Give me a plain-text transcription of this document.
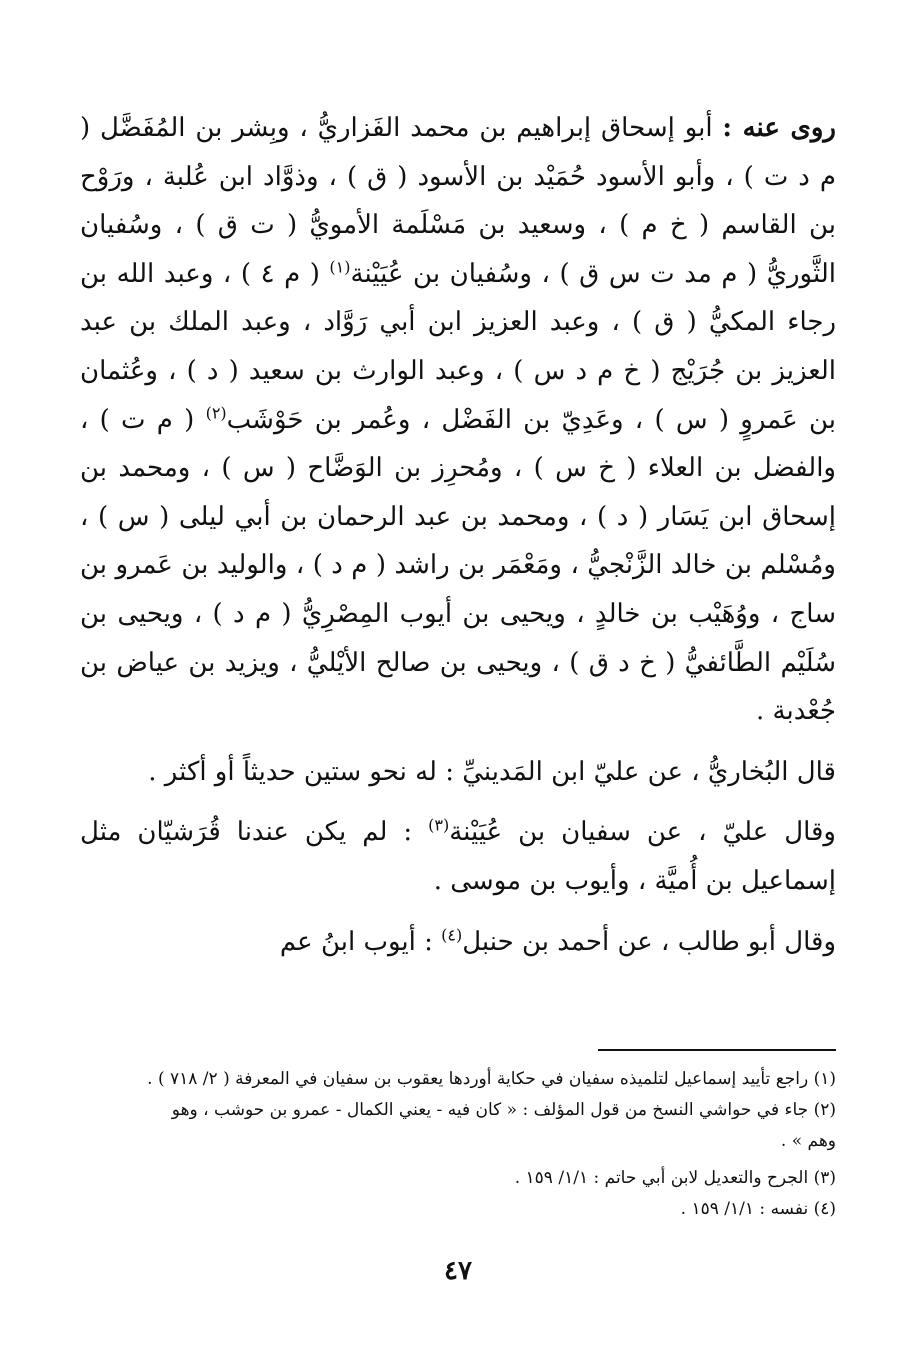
روى عنه : أبو إسحاق إبراهيم بن محمد الفَزاريُّ ، وبِشر بن المُفَضَّل ( م د ت ) ، وأبو الأسود حُمَيْد بن الأسود ( ق ) ، وذوَّاد ابن عُلبة ، ورَوْح بن القاسم ( خ م ) ، وسعيد بن مَسْلَمة الأمويُّ ( ت ق ) ، وسُفيان الثَّوريُّ ( م مد ت س ق ) ، وسُفيان بن عُيَيْنة$^{(١)}$ ( م ٤ ) ، وعبد الله بن رجاء المكيُّ ( ق ) ، وعبد العزيز ابن أبي رَوَّاد ، وعبد الملك بن عبد العزيز بن جُرَيْج ( خ م د س ) ، وعبد الوارث بن سعيد ( د ) ، وعُثمان بن عَمروٍ ( س ) ، وعَدِيّ بن الفَضْل ، وعُمر بن حَوْشَب$^{(٢)}$ ( م ت ) ، والفضل بن العلاء ( خ س ) ، ومُحرِز بن الوَضَّاح ( س ) ، ومحمد بن إسحاق ابن يَسَار ( د ) ، ومحمد بن عبد الرحمان بن أبي ليلى ( س ) ، ومُسْلم بن خالد الزَّنْجيُّ ، ومَعْمَر بن راشد ( م د ) ، والوليد بن عَمرو بن ساج ، ووُهَيْب بن خالدٍ ، ويحيى بن أيوب المِصْرِيُّ ( م د ) ، ويحيى بن سُلَيْم الطَّائفيُّ ( خ د ق ) ، ويحيى بن صالح الأيْليُّ ، ويزيد بن عياض بن جُعْدبة .

قال البُخاريُّ ، عن عليّ ابن المَدينيِّ : له نحو ستين حديثاً أو أكثر .

وقال عليّ ، عن سفيان بن عُيَيْنة$^{(٣)}$ : لم يكن عندنا قُرَشيّان مثل إسماعيل بن أُميَّة ، وأيوب بن موسى .

وقال أبو طالب ، عن أحمد بن حنبل$^{(٤)}$ : أيوب ابنُ عم

(١) راجع تأييد إسماعيل لتلميذه سفيان في حكاية أوردها يعقوب بن سفيان في المعرفة ( ٢/ ٧١٨ ) .

(٢) جاء في حواشي النسخ من قول المؤلف : « كان فيه - يعني الكمال - عمرو بن حوشب ، وهو

وهم » .

(٣) الجرح والتعديل لابن أبي حاتم : ١/١/ ١٥٩ .

(٤) نفسه : ١/١/ ١٥٩ .

٤٧
